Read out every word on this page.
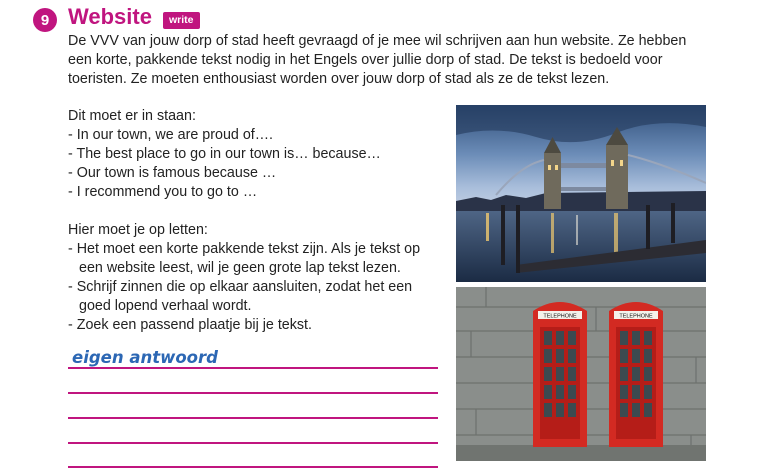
9 Website	write
De VVV van jouw dorp of stad heeft gevraagd of je mee wil schrijven aan hun website. Ze hebben een korte, pakkende tekst nodig in het Engels over jullie dorp of stad. De tekst is bedoeld voor toeristen. Ze moeten enthousiast worden over jouw dorp of stad als ze de tekst lezen.
Dit moet er in staan:
- In our town, we are proud of….
- The best place to go in our town is… because…
- Our town is famous because …
- I recommend you to go to …
Hier moet je op letten:
- Het moet een korte pakkende tekst zijn. Als je tekst op
een website leest, wil je geen grote lap tekst lezen.
- Schrijf zinnen die op elkaar aansluiten, zodat het een
goed lopend verhaal wordt.
- Zoek een passend plaatje bij je tekst.
eigen antwoord
TELEPHONE	TELEPHONE
